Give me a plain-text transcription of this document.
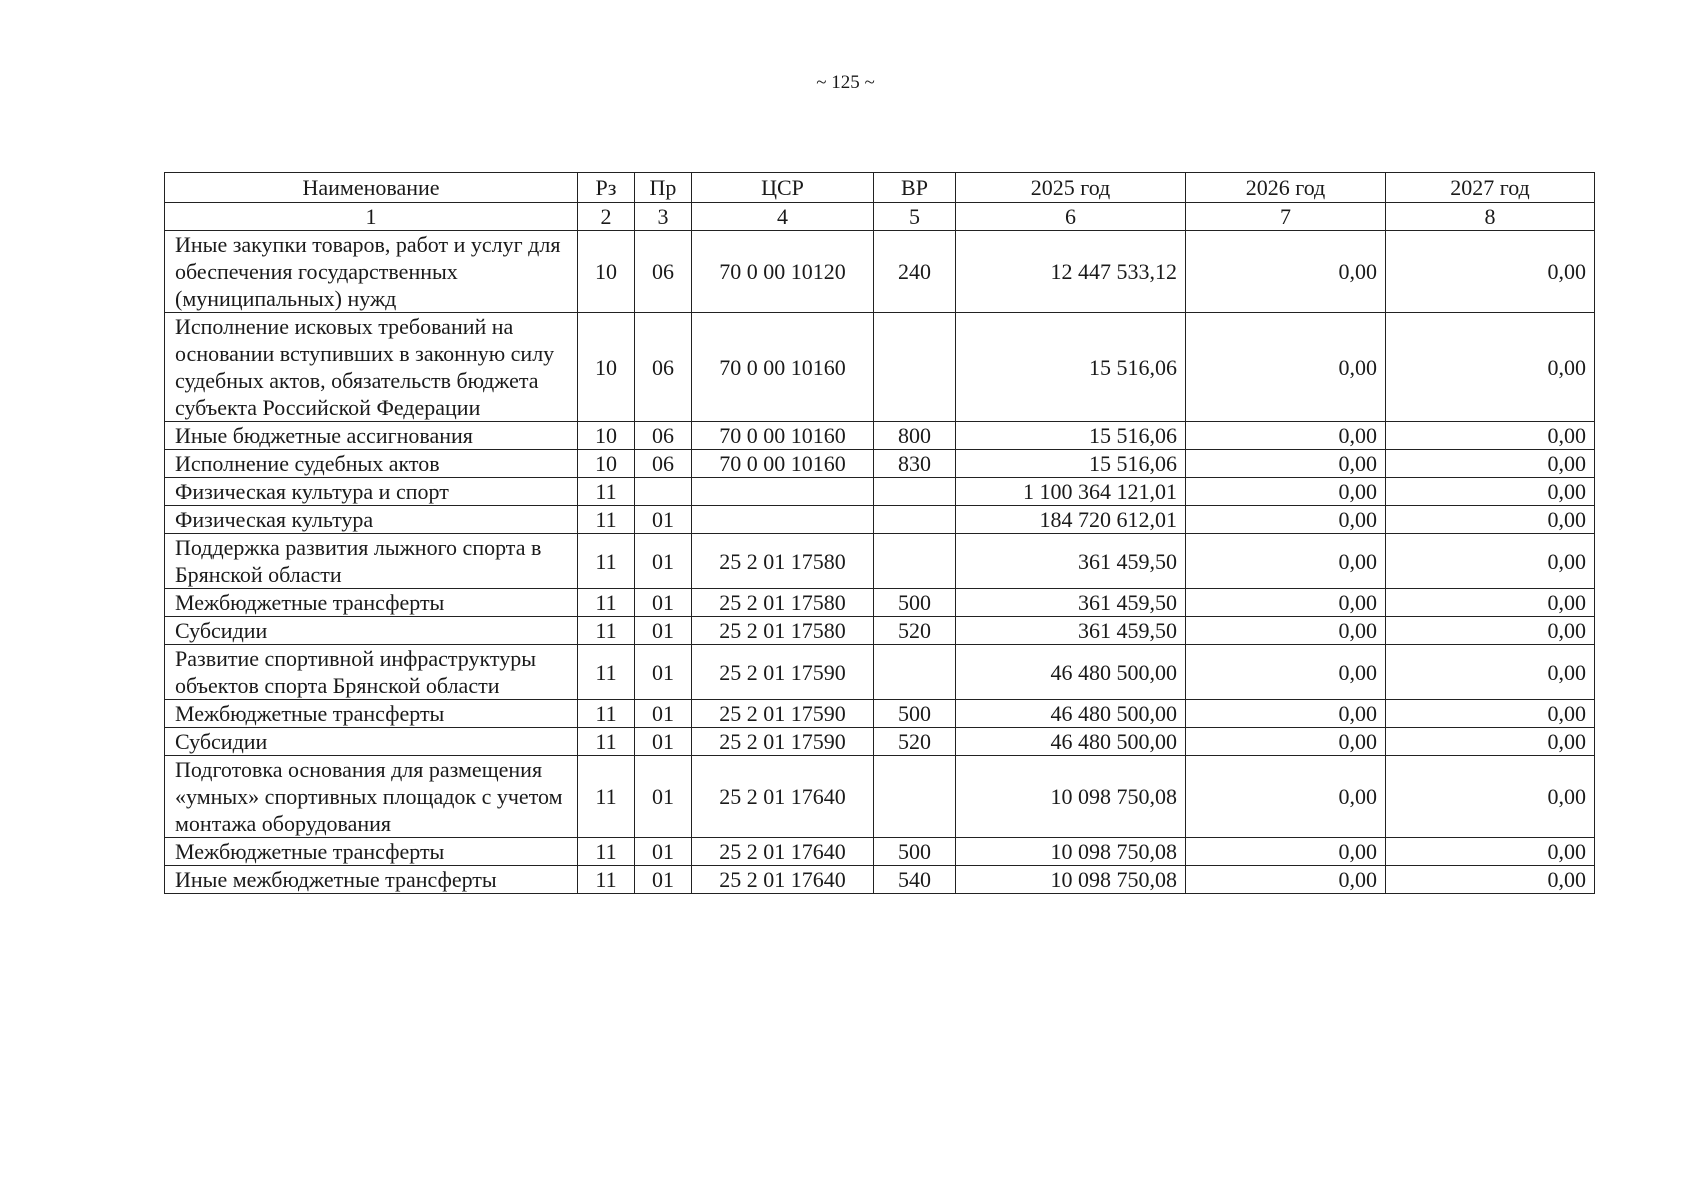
~ 125 ~
Наименование	Рз	Пр	ЦСР	ВР	2025 год	2026 год	2027 год
1	2	3	4	5	6	7	8
Иные закупки товаров, работ и услуг для обеспечения государственных (муниципальных) нужд	10	06	70 0 00 10120	240	12 447 533,12	0,00	0,00
Исполнение исковых требований на основании вступивших в законную силу судебных актов, обязательств бюджета субъекта Российской Федерации	10	06	70 0 00 10160		15 516,06	0,00	0,00
Иные бюджетные ассигнования	10	06	70 0 00 10160	800	15 516,06	0,00	0,00
Исполнение судебных актов	10	06	70 0 00 10160	830	15 516,06	0,00	0,00
Физическая культура и спорт	11				1 100 364 121,01	0,00	0,00
Физическая культура	11	01			184 720 612,01	0,00	0,00
Поддержка развития лыжного спорта в Брянской области	11	01	25 2 01 17580		361 459,50	0,00	0,00
Межбюджетные трансферты	11	01	25 2 01 17580	500	361 459,50	0,00	0,00
Субсидии	11	01	25 2 01 17580	520	361 459,50	0,00	0,00
Развитие спортивной инфраструктуры объектов спорта Брянской области	11	01	25 2 01 17590		46 480 500,00	0,00	0,00
Межбюджетные трансферты	11	01	25 2 01 17590	500	46 480 500,00	0,00	0,00
Субсидии	11	01	25 2 01 17590	520	46 480 500,00	0,00	0,00
Подготовка основания для размещения «умных» спортивных площадок с учетом монтажа оборудования	11	01	25 2 01 17640		10 098 750,08	0,00	0,00
Межбюджетные трансферты	11	01	25 2 01 17640	500	10 098 750,08	0,00	0,00
Иные межбюджетные трансферты	11	01	25 2 01 17640	540	10 098 750,08	0,00	0,00
